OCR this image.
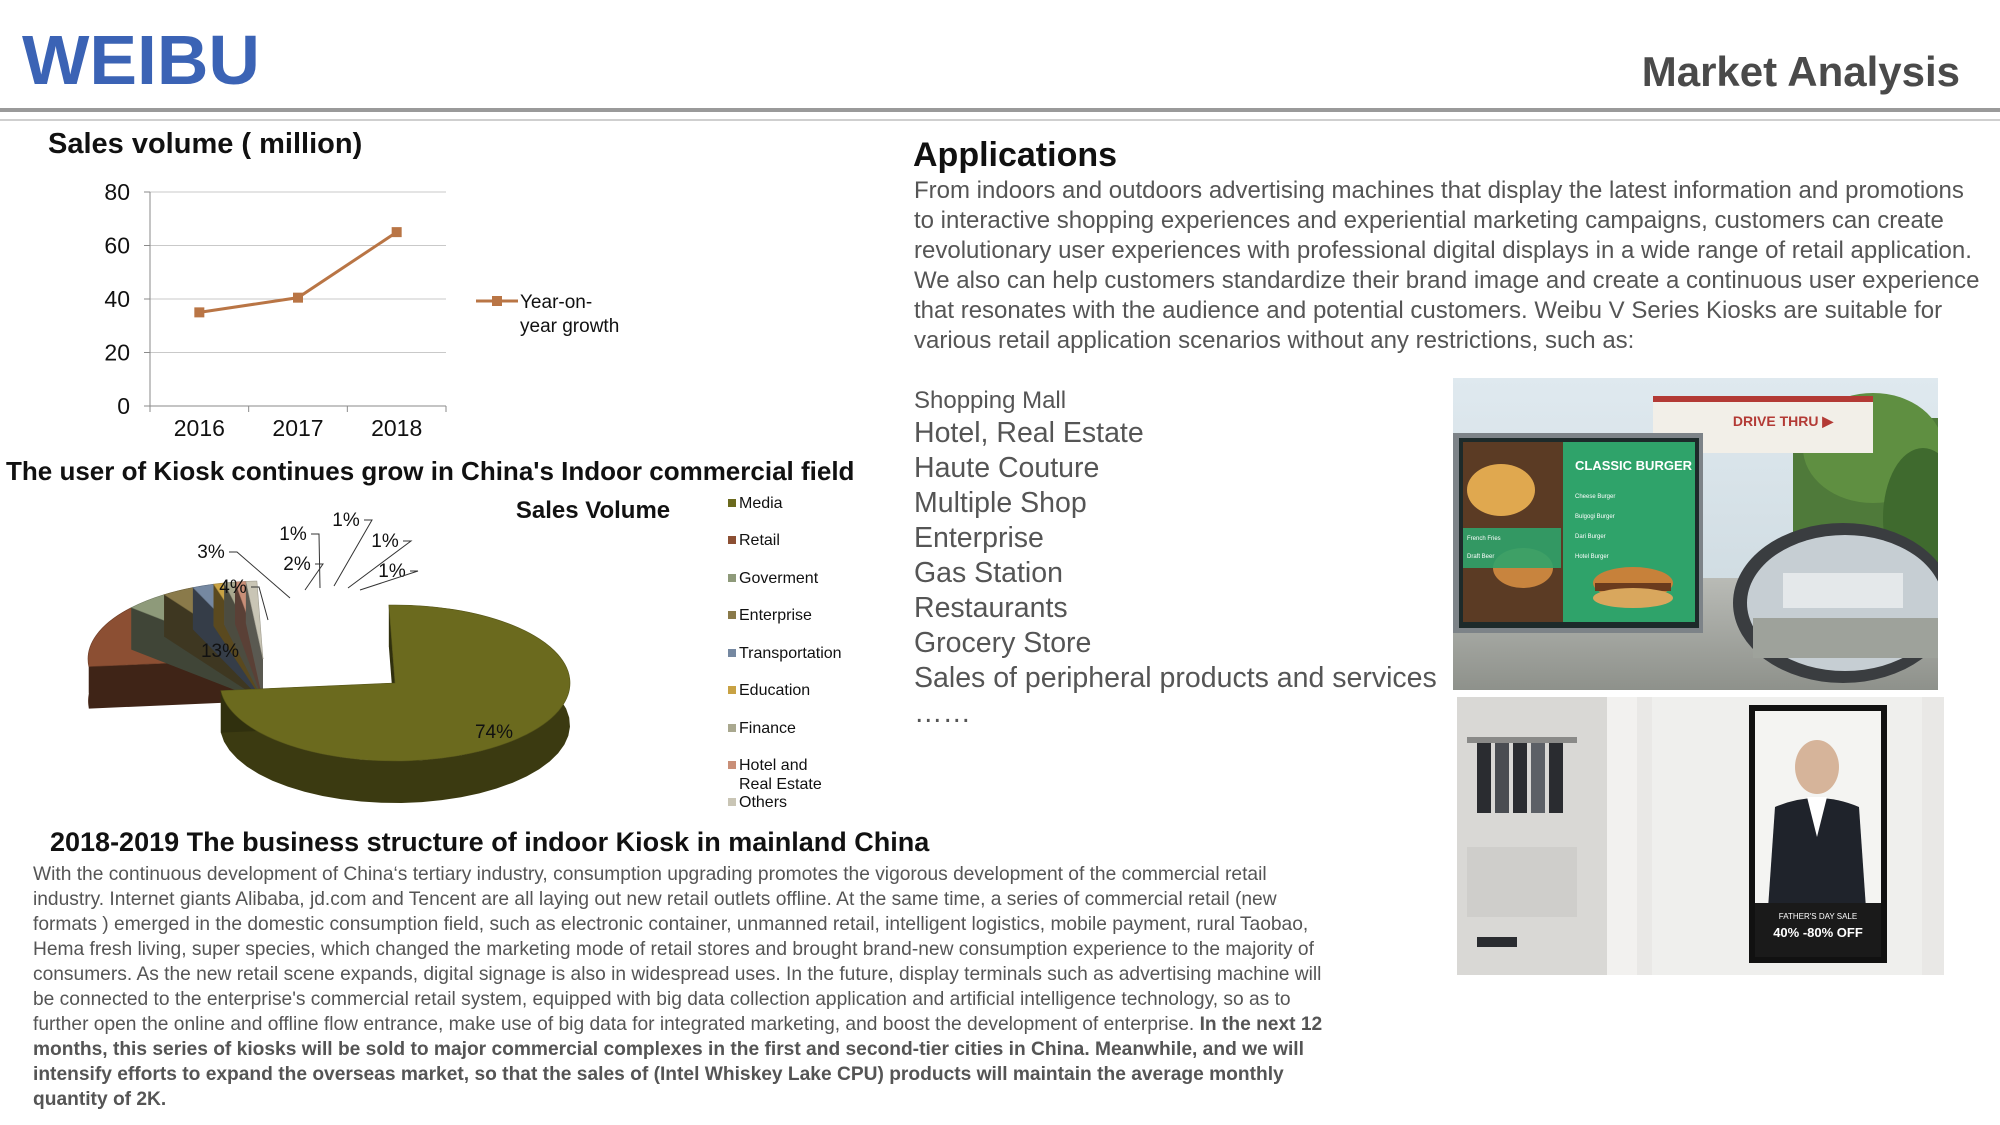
WEIBU	Market Analysis
Sales volume ( million)
0
20
40
60
80
2016 2017 2018
Year-on-
year growth
The user of Kiosk continues grow in China's Indoor commercial field
74%
13%
4%
3%
2%
1%
1%
1%
1%
Sales Volume	Media
Retail
Goverment
Enterprise
Transportation
Education
Finance
Hotel and
Real Estate
Others
2018-2019 The business structure of indoor Kiosk in mainland China
With the continuous development of China‘s tertiary industry, consumption upgrading promotes the vigorous development of the commercial retail industry. Internet giants Alibaba, jd.com and Tencent are all laying out new retail outlets offline. At the same time, a series of commercial retail (new formats ) emerged in the domestic consumption field, such as electronic container, unmanned retail, intelligent logistics, mobile payment, rural Taobao, Hema fresh living, super species, which changed the marketing mode of retail stores and brought brand-new consumption experience to the majority of consumers. As the new retail scene expands, digital signage is also in widespread uses. In the future, display terminals such as advertising machine will be connected to the enterprise's commercial retail system, equipped with big data collection application and artificial intelligence technology, so as to further open the online and offline flow entrance, make use of big data for integrated marketing, and boost the development of enterprise. In the next 12 months, this series of kiosks will be sold to major commercial complexes in the first and second-tier cities in China. Meanwhile, and we will intensify efforts to expand the overseas market, so that the sales of (Intel Whiskey Lake CPU) products will maintain the average monthly quantity of 2K.
Applications
From indoors and outdoors advertising machines that display the latest information and promotions to interactive shopping experiences and experiential marketing campaigns, customers can create revolutionary user experiences with professional digital displays in a wide range of retail application. We also can help customers standardize their brand image and create a continuous user experience that resonates with the audience and potential customers. Weibu V Series Kiosks are suitable for various retail application scenarios without any restrictions, such as:
Shopping Mall
Hotel, Real Estate
Haute Couture
Multiple Shop
Enterprise
Gas Station
Restaurants
Grocery Store
Sales of peripheral products and services
……
DRIVE THRU ▶
CLASSIC BURGER
Cheese Burger
Bulgogi Burger
Dari Burger
Hotel Burger
French Fries
Draft Beer
FATHER'S DAY SALE
40% -80% OFF
